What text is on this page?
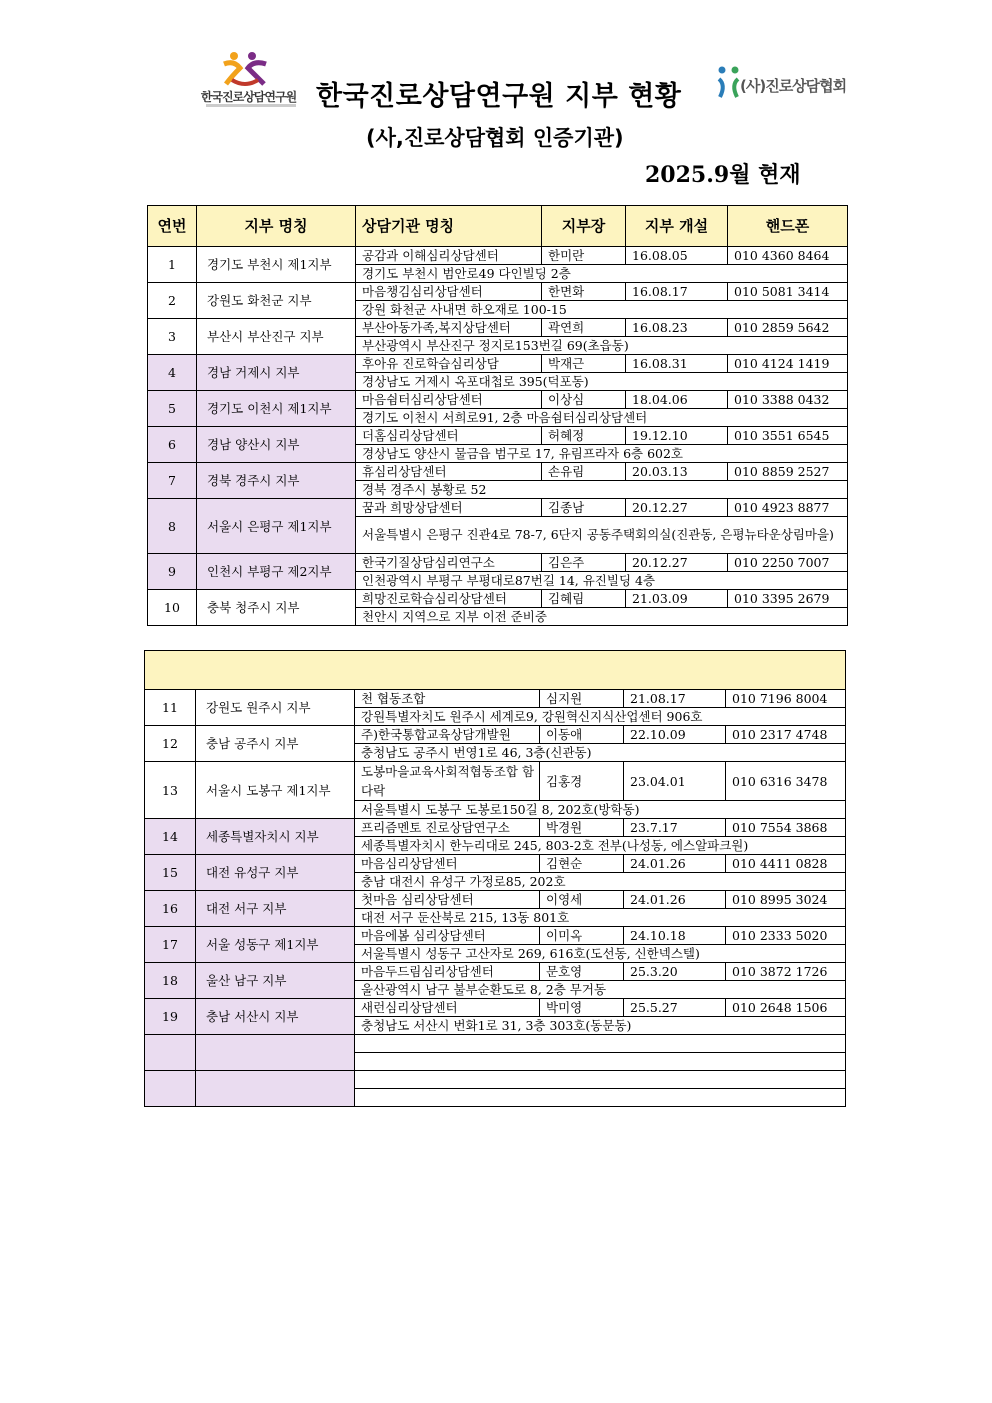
한국진로상담연구원
(사)진로상담협회
한국진로상담연구원 지부 현황
(사,진로상담협회 인증기관)
2025.9월 현재
연번	지부 명칭	상담기관 명칭	지부장	지부 개설	핸드폰
1	경기도 부천시 제1지부	공감과 이해심리상담센터	한미란	16.08.05	010 4360 8464
		경기도 부천시 범안로49 다인빌딩 2층			
2	강원도 화천군 지부	마음챙김심리상담센터	한면화	16.08.17	010 5081 3414
		강원 화천군 사내면 하오재로 100-15			
3	부산시 부산진구 지부	부산아동가족,복지상담센터	곽연희	16.08.23	010 2859 5642
		부산광역시 부산진구 정지로153번길 69(초읍동)			
4	경남 거제시 지부	후아유 진로학습심리상담	박재근	16.08.31	010 4124 1419
		경상남도 거제시 옥포대첩로 395(덕포동)			
5	경기도 이천시 제1지부	마음쉼터심리상담센터	이상심	18.04.06	010 3388 0432
		경기도 이천시 서희로91, 2층 마음쉼터심리상담센터			
6	경남 양산시 지부	더홈심리상담센터	허혜정	19.12.10	010 3551 6545
		경상남도 양산시 물금읍 범구로 17, 유림프라자 6층 602호			
7	경북 경주시 지부	휴심리상담센터	손유림	20.03.13	010 8859 2527
		경북 경주시 봉황로 52			
8	서울시 은평구 제1지부	꿈과 희망상담센터	김종남	20.12.27	010 4923 8877
		서울특별시 은평구 진관4로 78-7, 6단지 공동주택회의실(진관동, 은평뉴타운상림마을)			
9	인천시 부평구 제2지부	한국기질상담심리연구소	김은주	20.12.27	010 2250 7007
		인천광역시 부평구 부평대로87번길 14, 유진빌딩 4층			
10	충북 청주시 지부	희망진로학습심리상담센터	김혜림	21.03.09	010 3395 2679
		천안시 지역으로 지부 이전 준비중			

11	강원도 원주시 지부	천 협동조합	심지원	21.08.17	010 7196 8004
		강원특별자치도 원주시 세계로9, 강원혁신지식산업센터 906호			
12	충남 공주시 지부	주)한국통합교육상담개발원	이동애	22.10.09	010 2317 4748
		충청남도 공주시 번영1로 46, 3층(신관동)			
13	서울시 도봉구 제1지부	도봉마을교육사회적협동조합 함다락	김홍경	23.04.01	010 6316 3478
		서울특별시 도봉구 도봉로150길 8, 202호(방학동)			
14	세종특별자치시 지부	프리즘멘토 진로상담연구소	박경원	23.7.17	010 7554 3868
		세종특별자치시 한누리대로 245, 803-2호 전부(나성동, 에스알파크원)			
15	대전 유성구 지부	마음심리상담센터	김현순	24.01.26	010 4411 0828
		충남 대전시 유성구 가정로85, 202호			
16	대전 서구 지부	첫마음 심리상담센터	이영세	24.01.26	010 8995 3024
		대전 서구 둔산북로 215, 13동 801호			
17	서울 성동구 제1지부	마음에봄 심리상담센터	이미옥	24.10.18	010 2333 5020
		서울특별시 성동구 고산자로 269, 616호(도선동, 신한넥스텔)			
18	울산 남구 지부	마음두드림심리상담센터	문호영	25.3.20	010 3872 1726
		울산광역시 남구 불부순환도로 8, 2층 무거동			
19	충남 서산시 지부	새런심리상담센터	박미영	25.5.27	010 2648 1506
		충청남도 서산시 번화1로 31, 3층 303호(동문동)			
